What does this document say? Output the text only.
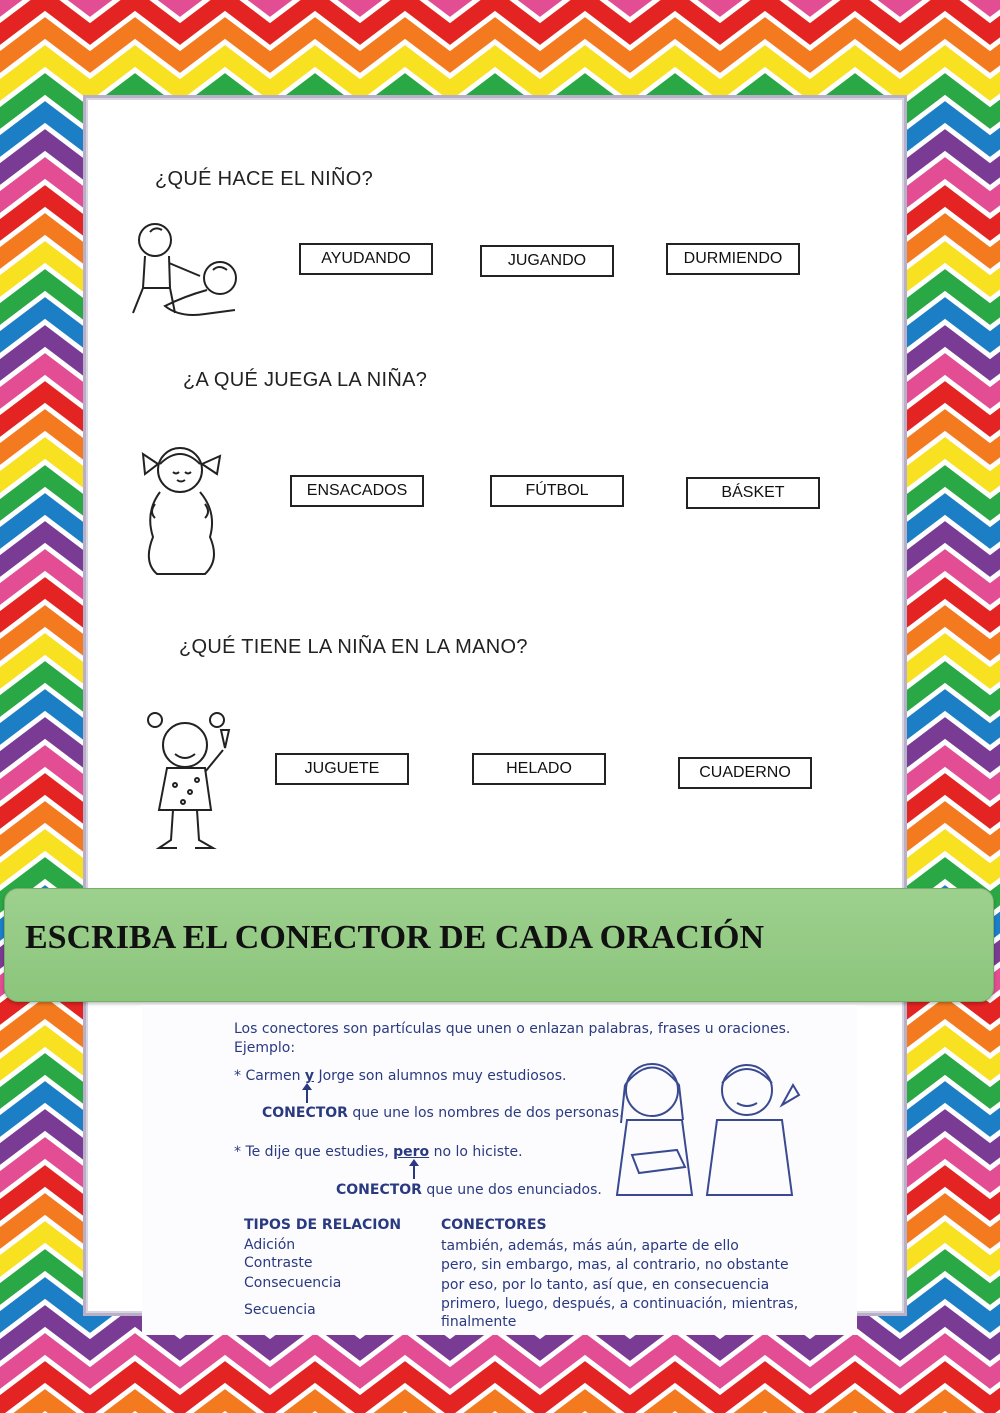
¿QUÉ HACE EL NIÑO?
AYUDANDO	JUGANDO	DURMIENDO
¿A QUÉ JUEGA LA NIÑA?
ENSACADOS	FÚTBOL	BÁSKET
¿QUÉ TIENE LA NIÑA EN LA MANO?
JUGUETE	HELADO	CUADERNO
ESCRIBA EL CONECTOR DE CADA ORACIÓN
Los conectores son partículas que unen o enlazan palabras, frases u oraciones.
Ejemplo:
* Carmen y Jorge son alumnos muy estudiosos.
CONECTOR que une los nombres de dos personas.
* Te dije que estudies, pero no lo hiciste.
CONECTOR que une dos enunciados.
TIPOS DE RELACION	CONECTORES
Adición	también, además, más aún, aparte de ello
Contraste	pero, sin embargo, mas, al contrario, no obstante
Consecuencia	por eso, por lo tanto, así que, en consecuencia
Secuencia	primero, luego, después, a continuación, mientras,
finalmente
